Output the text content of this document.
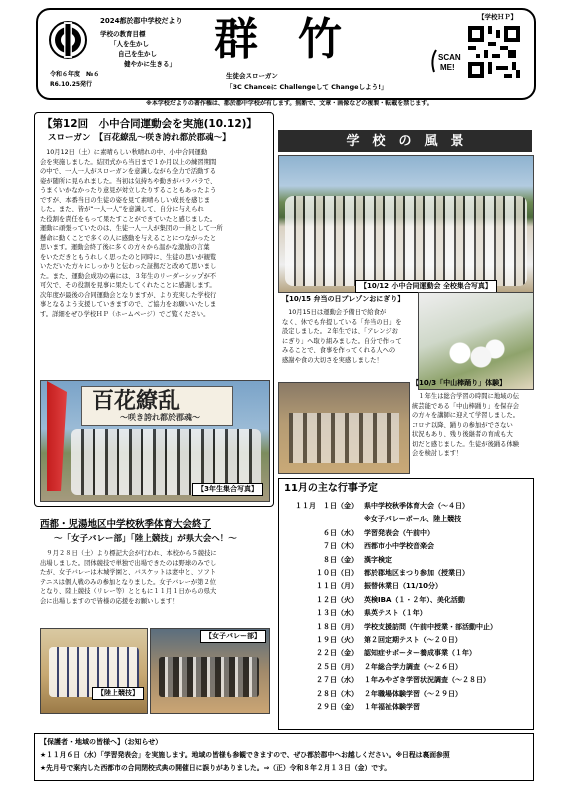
2024都於郡中学校だより
学校の教育目標
「人を生かし
自己を生かし
健やかに生きる」
令和６年度　№６
R6.10.25発行
群　竹
生徒会スローガン
「3C Chanceに Challengeして Changeしよう!」
【学校ＨＰ】
SCAN
ME!
※本学校だよりの著作権は、都於郡中学校が有します。無断で、文章・画像などの複製・転載を禁じます。
【第12回　小中合同運動会を実施(10.12)】
スローガン　【百花繚乱～咲き誇れ都於郡魂～】
　10月12日（土）に素晴らしい秋晴れの中、小中合同運動
会を実施しました。結団式から当日まで１か月以上の練習期間
の中で、一人一人がスローガンを意識しながら全力で活動する
姿が随所に見られました。当初は気持ちや動きがバラバラで、
うまくいかなかったり意見が対立したりすることもあったよう
ですが、本番当日の生徒の姿を見て素晴らしい成長を感じま
した。また、皆が“一人一人”を意識して、自分に与えられ
た役割を責任をもって果たすことができていたと感じました。
運動に頑張っていたのは、生徒一人一人が集団の一員として一所
懸命に動くことで多くの人に感動を与えることにつながったと
思います。運動会終了後に多くの方々から温かな激励の言葉
をいただきともうれしく思ったのと同時に、生徒の思いが観覧
いただいた方々にしっかりと伝わった証拠だと改めて思いまし
た。また、運動会成功の裏には、３年生のリーダーシップが不
可欠で、その役割を見事に果たしてくれたことに感謝します。
次年度が最後の合同運動会となりますが、より充実した学校行
事となるよう支援していきますので、ご協力をお願いいたしま
す。詳細をぜひ学校ＨＰ（ホームページ）でご覧ください。
百花繚乱
～咲き誇れ都於郡魂～
【3年生集合写真】
西都・児湯地区中学校秋季体育大会終了
～「女子バレー部」「陸上競技」が県大会へ！～
　９月２８日（土）より標記大会が行われ、本校から５競技に
出場しました。団体競技で単独で出場できたのは野球のみでし
たが、女子バレーは木城学園と、バスケットは妻中と、ソフト
テニスは個人戦のみの参加となりました。女子バレーが第２位
となり、陸上競技（リレー等）とともに１１月１日からの県大
会に出場しますので皆様の応援をお願いします！
【陸上競技】
【女子バレー部】
学　校　の　風　景
【10/12 小中合同運動会 全校集合写真】
【10/15 弁当の日プレゾンおにぎり】
　10月15日は運動会予備日で給食が
なく、休でも弁提している「弁当の日」を
設定しました。２年生では、「アレンジお
にぎり」へ取り組みました。自分で作って
みることで、食事を作ってくれる人への
感謝や食の大切さを実感しました！
【10/3「中山棒踊り」体験】
　１年生は総合学習の時間に地域の伝
統芸能である「中山棒踊り」を保存会
の方々を講師に迎えて学習しました。
コロナ以降、踊りの参加がでさない
状況もあり、残り後継者の育成も大
切だと感じました。生徒が後踊る体験
会を検討します！
11月の主な行事予定
１１月　１日（金） 県中学校秋季体育大会（～４日）
※女子バレーボール、陸上競技
６日（水） 学習発表会（午前中）
７日（木） 西都市小中学校音楽会
８日（金） 漢字検定
１０日（日） 都於郡地区まつり参加（授業日）
１１日（月） 振替休業日（11/10分）
１２日（火） 英検IBA（１・２年）、美化活動
１３日（水） 県英テスト（１年）
１８日（月） 学校支援訪問（午前中授業・部活動中止）
１９日（火） 第２回定期テスト（～２０日）
２２日（金） 認知症サポーター養成事業（１年）
２５日（月） ２年総合学力調査（～２６日）
２７日（水） １年みやざき学習状況調査（～２８日）
２８日（木） ２年職場体験学習（～２９日）
２９日（金） １年福祉体験学習
【保護者・地域の皆様へ】（お知らせ）
★１１月６日（水）「学習発表会」を実施します。地域の皆様も参観できますので、ぜひ都於郡中へお越しください。※日程は裏面参照
★先月号で案内した西都市の合同閉校式典の開催日に誤りがありました。⇒（正）令和８年２月１３日（金）です。
